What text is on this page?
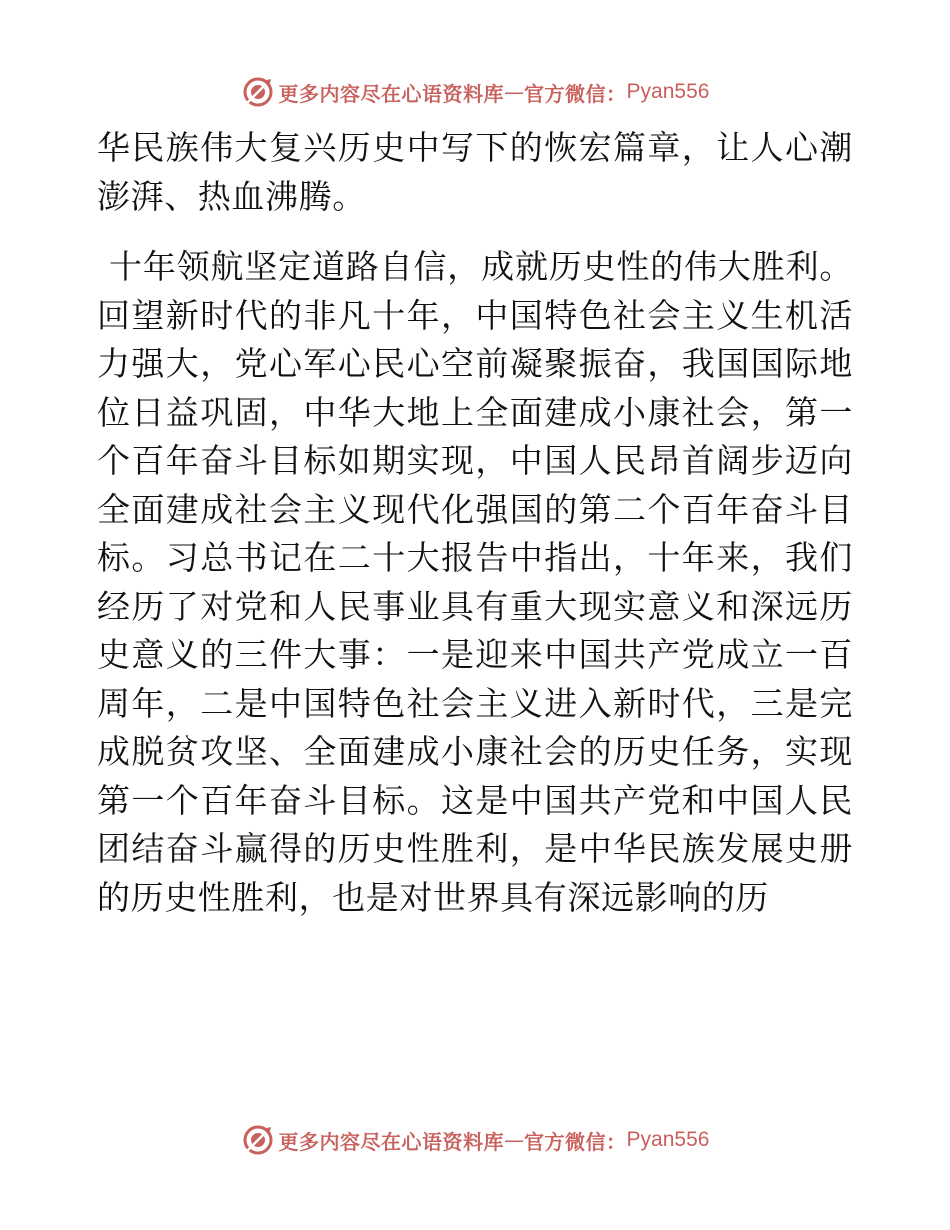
更多内容尽在心语资料库 — 官方微信： Pyan556

华民族伟大复兴历史中写下的恢宏篇章，让人心潮澎湃、热血沸腾。

十年领航坚定道路自信，成就历史性的伟大胜利。回望新时代的非凡十年，中国特色社会主义生机活力强大，党心军心民心空前凝聚振奋，我国国际地位日益巩固，中华大地上全面建成小康社会，第一个百年奋斗目标如期实现，中国人民昂首阔步迈向全面建成社会主义现代化强国的第二个百年奋斗目标。习总书记在二十大报告中指出，十年来，我们经历了对党和人民事业具有重大现实意义和深远历史意义的三件大事：一是迎来中国共产党成立一百周年，二是中国特色社会主义进入新时代，三是完成脱贫攻坚、全面建成小康社会的历史任务，实现第一个百年奋斗目标。这是中国共产党和中国人民团结奋斗赢得的历史性胜利，是中华民族发展史册的历史性胜利，也是对世界具有深远影响的历

更多内容尽在心语资料库 — 官方微信： Pyan556
